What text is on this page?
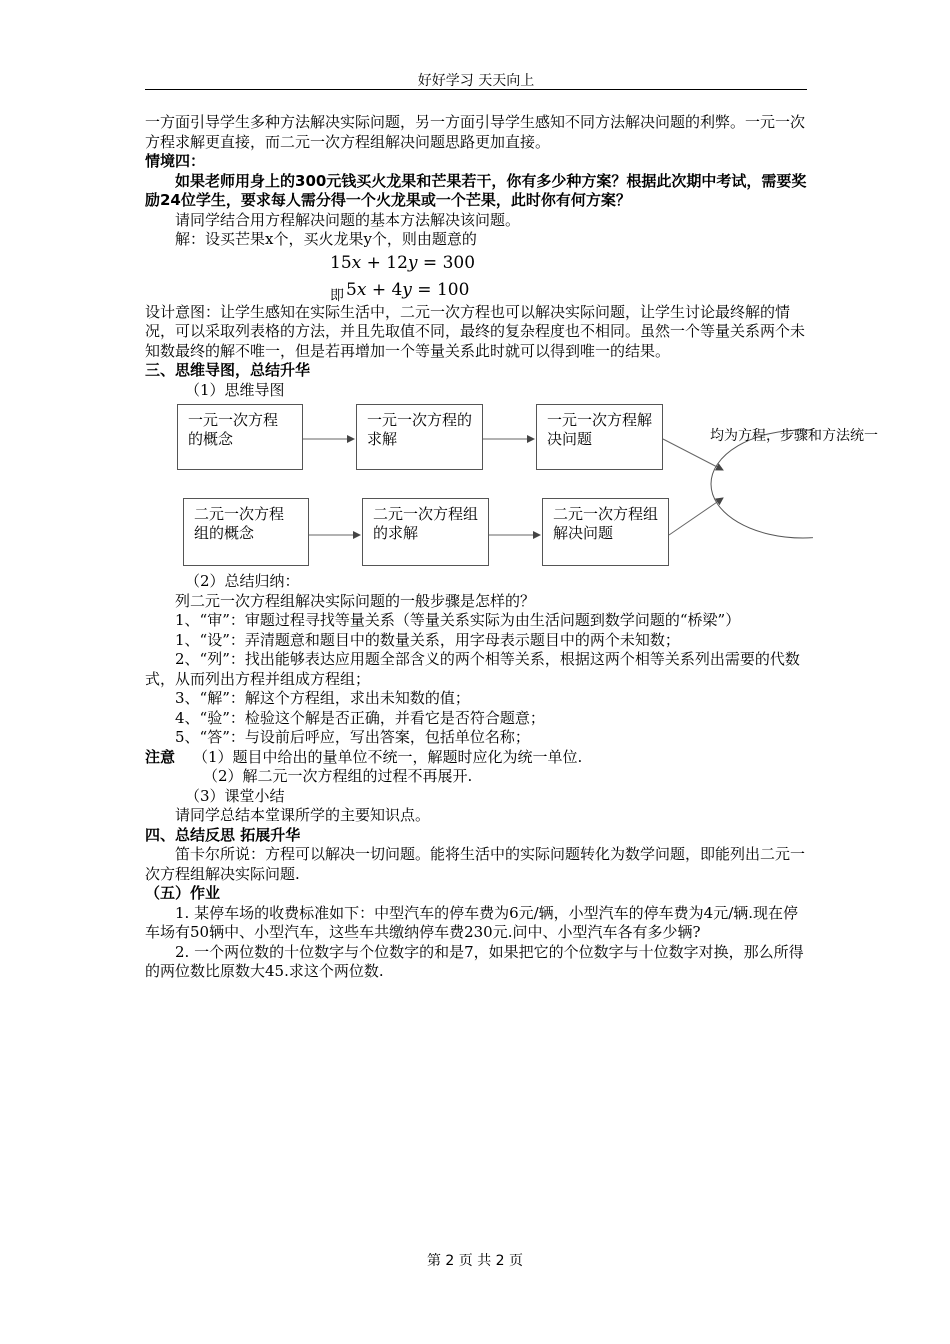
好好学习 天天向上

一方面引导学生多种方法解决实际问题，另一方面引导学生感知不同方法解决问题的利弊。一元一次方程求解更直接，而二元一次方程组解决问题思路更加直接。

情境四：

如果老师用身上的300元钱买火龙果和芒果若干，你有多少种方案？根据此次期中考试，需要奖励24位学生，要求每人需分得一个火龙果或一个芒果，此时你有何方案？

请同学结合用方程解决问题的基本方法解决该问题。

解：设买芒果x个，买火龙果y个，则由题意的

15x + 12y = 300
$_即$ 5x + 4y = 100

设计意图：让学生感知在实际生活中，二元一次方程也可以解决实际问题，让学生讨论最终解的情况，可以采取列表格的方法，并且先取值不同，最终的复杂程度也不相同。虽然一个等量关系两个未知数最终的解不唯一，但是若再增加一个等量关系此时就可以得到唯一的结果。

三、思维导图，总结升华

（1）思维导图

一元一次方程的概念
一元一次方程的求解
一元一次方程解决问题
二元一次方程组的概念
二元一次方程组的求解
二元一次方程组解决问题
均为方程，步骤和方法统一

（2）总结归纳：

列二元一次方程组解决实际问题的一般步骤是怎样的？

1、“审”：审题过程寻找等量关系（等量关系实际为由生活问题到数学问题的“桥梁”）

1、“设”：弄清题意和题目中的数量关系，用字母表示题目中的两个未知数；

2、“列”：找出能够表达应用题全部含义的两个相等关系，根据这两个相等关系列出需要的代数式，从而列出方程并组成方程组；

3、“解”：解这个方程组，求出未知数的值；

4、“验”：检验这个解是否正确，并看它是否符合题意；

5、“答”：与设前后呼应，写出答案，包括单位名称；

注意 （1）题目中给出的量单位不统一，解题时应化为统一单位.

（2）解二元一次方程组的过程不再展开.

（3）课堂小结

请同学总结本堂课所学的主要知识点。

四、总结反思 拓展升华

笛卡尔所说：方程可以解决一切问题。能将生活中的实际问题转化为数学问题，即能列出二元一次方程组解决实际问题.

（五）作业

1. 某停车场的收费标准如下：中型汽车的停车费为6元/辆，小型汽车的停车费为4元/辆.现在停车场有50辆中、小型汽车，这些车共缴纳停车费230元.问中、小型汽车各有多少辆?

2. 一个两位数的十位数字与个位数字的和是7，如果把它的个位数字与十位数字对换，那么所得的两位数比原数大45.求这个两位数.

第 2 页 共 2 页
